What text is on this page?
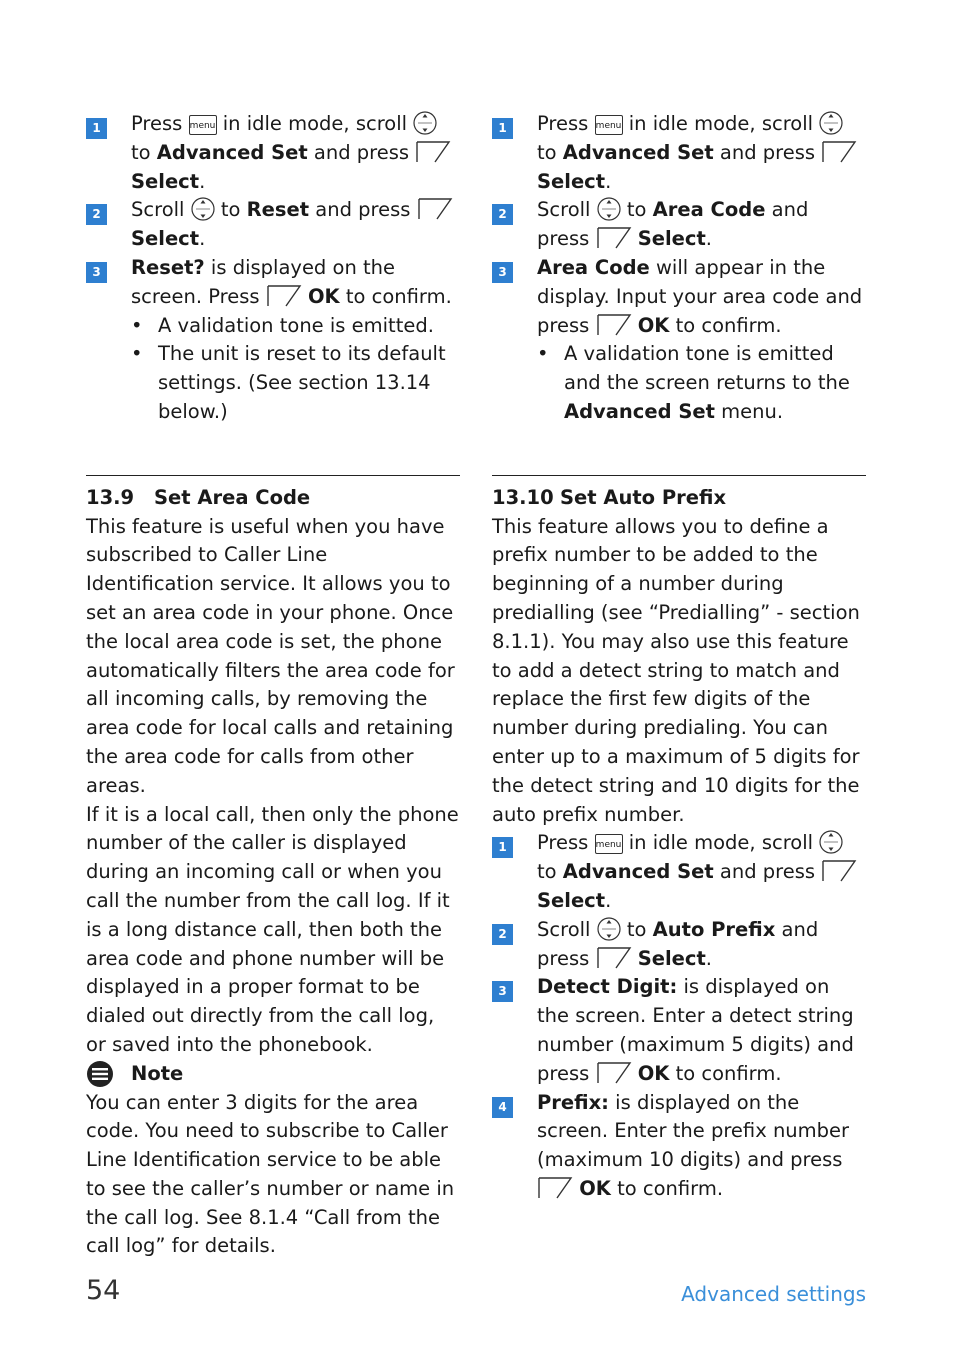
1	Press menu in idle mode, scroll  to Advanced Set and press  Select.
2	Scroll to Reset and press  Select.
3	Reset? is displayed on the screen. Press OK to confirm.
• A validation tone is emitted.
• The unit is reset to its default settings. (See section 13.14 below.)
13.9 Set Area Code

This feature is useful when you have subscribed to Caller Line Identification service. It allows you to set an area code in your phone. Once the local area code is set, the phone automatically filters the area code for all incoming calls, by removing the area code for local calls and retaining the area code for calls from other areas.

If it is a local call, then only the phone number of the caller is displayed during an incoming call or when you call the number from the call log. If it is a long distance call, then both the area code and phone number will be displayed in a proper format to be dialed out directly from the call log, or saved into the phonebook.

Note

You can enter 3 digits for the area code. You need to subscribe to Caller Line Identification service to be able to see the caller’s number or name in the call log. See 8.1.4 “Call from the call log” for details.

1	Press menu in idle mode, scroll  to Advanced Set and press  Select.
2	Scroll to Area Code and press Select.
3	Area Code will appear in the display. Input your area code and press OK to confirm.
• A validation tone is emitted and the screen returns to the Advanced Set menu.
13.10 Set Auto Prefix

This feature allows you to define a prefix number to be added to the beginning of a number during predialling (see “Predialling” - section 8.1.1). You may also use this feature to add a detect string to match and replace the first few digits of the number during predialing. You can enter up to a maximum of 5 digits for the detect string and 10 digits for the auto prefix number.

1	Press menu in idle mode, scroll  to Advanced Set and press  Select.
2	Scroll to Auto Prefix and press Select.
3	Detect Digit: is displayed on the screen. Enter a detect string number (maximum 5 digits) and press OK to confirm.
4	Prefix: is displayed on the screen. Enter the prefix number (maximum 10 digits) and press  OK to confirm.
54	Advanced settings
